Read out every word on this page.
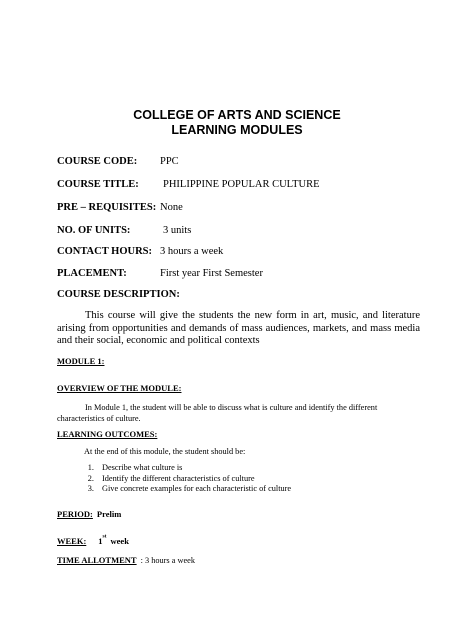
COLLEGE OF ARTS AND SCIENCE
LEARNING MODULES
COURSE CODE: PPC
COURSE TITLE: PHILIPPINE POPULAR CULTURE
PRE – REQUISITES: None
NO. OF UNITS:	3 units
CONTACT HOURS: 3 hours a week
PLACEMENT:	First year First Semester
COURSE DESCRIPTION:
This course will give the students the new form in art, music, and literature arising from opportunities and demands of mass audiences, markets, and mass media and their social, economic and political contexts
MODULE 1:
OVERVIEW OF THE MODULE:
In Module 1, the student will be able to discuss what is culture and identify the different characteristics of culture.
LEARNING OUTCOMES:
At the end of this module, the student should be:
1. Describe what culture is
2. Identify the different characteristics of culture
3. Give concrete examples for each characteristic of culture
PERIOD: Prelim
WEEK: 1st week
TIME ALLOTMENT : 3 hours a week
